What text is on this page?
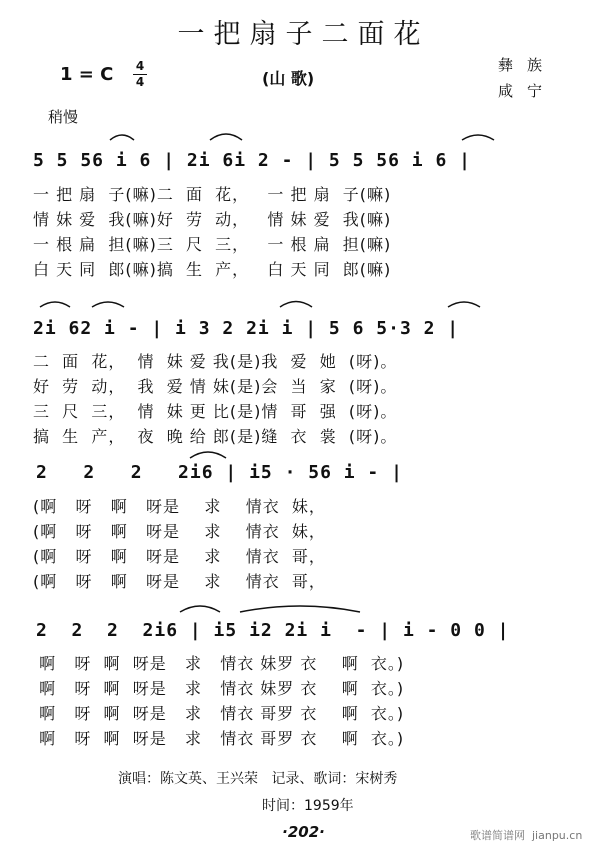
一把扇子二面花
1 = C 4
4	(山 歌)
彝族
咸宁
稍慢
5 5 56 i 6 | 2i 6i 2 - | 5 5 56 i 6 |
一 把 扇  子(嘛)二  面  花，   一 把 扇  子(嘛)
情 妹 爱  我(嘛)好  劳  动，   情 妹 爱  我(嘛)
一 根 扁  担(嘛)三  尺  三，   一 根 扁  担(嘛)
白 天 同  郎(嘛)搞  生  产，   白 天 同  郎(嘛)
2i 62 i - | i 3 2 2i i | 5 6 5·3 2 |
二  面  花，  情  妹 爱 我(是)我  爱  她  (呀)。
好  劳  动，  我  爱 情 妹(是)会  当  家  (呀)。
三  尺  三，  情  妹 更 比(是)情  哥  强  (呀)。
搞  生  产，  夜  晚 给 郎(是)缝  衣  裳  (呀)。
2   2   2   2i6 | i5 · 56 i - |
(啊   呀   啊   呀是    求    情衣  妹，
(啊   呀   啊   呀是    求    情衣  妹，
(啊   呀   啊   呀是    求    情衣  哥，
(啊   呀   啊   呀是    求    情衣  哥，
2  2  2  2i6 | i5 i2 2i i  - | i - 0 0 |
啊   呀  啊  呀是   求   情衣 妹罗 衣    啊  衣。)
啊   呀  啊  呀是   求   情衣 妹罗 衣    啊  衣。)
啊   呀  啊  呀是   求   情衣 哥罗 衣    啊  衣。)
啊   呀  啊  呀是   求   情衣 哥罗 衣    啊  衣。)
演唱：陈文英、王兴荣   记录、歌词：宋树秀
时间：1959年
·202·	歌谱简谱网  jianpu.cn
